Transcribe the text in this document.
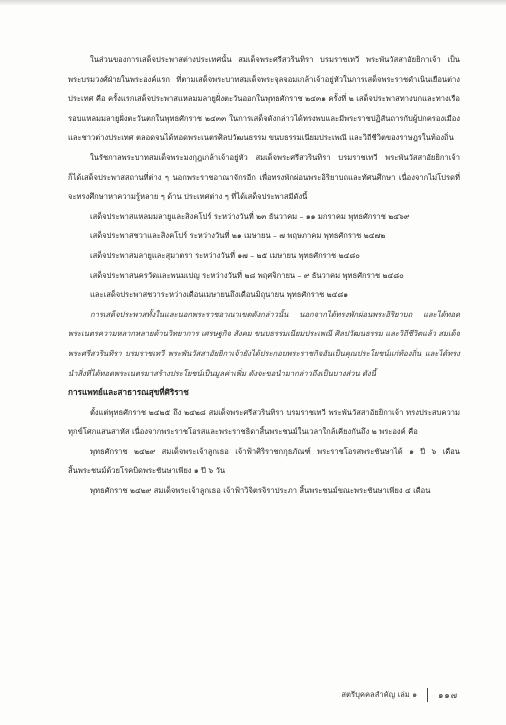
ในส่วนของการเสด็จประพาสต่างประเทศนั้น สมเด็จพระศรีสวรินทิรา บรมราชเทวี พระพันวัสสาอัยยิกาเจ้า เป็นพระบรมวงศ์ฝ่ายในพระองค์แรก ที่ตามเสด็จพระบาทสมเด็จพระจุลจอมเกล้าเจ้าอยู่หัวในการเสด็จพระราชดำเนินเยือนต่างประเทศ คือ ครั้งแรกเสด็จประพาสแหลมมลายูฝั่งตะวันออกในพุทธศักราช ๒๔๓๑ ครั้งที่ ๒ เสด็จประพาสทางบกและทางเรือรอบแหลมมลายูฝั่งตะวันตกในพุทธศักราช ๒๔๓๓ ในการเสด็จดังกล่าวได้ทรงพบและมีพระราชปฏิสันถารกับผู้ปกครองเมืองและชาวต่างประเทศ ตลอดจนได้ทอดพระเนตรศิลปวัฒนธรรม ขนบธรรมเนียมประเพณี และวิถีชีวิตของราษฎรในท้องถิ่น

ในรัชกาลพระบาทสมเด็จพระมงกุฎเกล้าเจ้าอยู่หัว สมเด็จพระศรีสวรินทิรา บรมราชเทวี พระพันวัสสาอัยยิกาเจ้า ก็ได้เสด็จประพาสสถานที่ต่าง ๆ นอกพระราชอาณาจักรอีก เพื่อทรงพักผ่อนพระอิริยาบถและทัศนศึกษา เนื่องจากไม่โปรดที่จะทรงศึกษาหาความรู้หลาย ๆ ด้าน ประเทศต่าง ๆ ที่ได้เสด็จประพาสมีดังนี้

เสด็จประพาสแหลมมลายูและสิงคโปร์ ระหว่างวันที่ ๒๓ ธันวาคม – ๑๑ มกราคม พุทธศักราช ๒๔๖๙

เสด็จประพาสชวาและสิงคโปร์ ระหว่างวันที่ ๒๑ เมษายน – ๗ พฤษภาคม พุทธศักราช ๒๔๗๒

เสด็จประพาสมลายูและสุมาตรา ระหว่างวันที่ ๑๗ – ๒๕ เมษายน พุทธศักราช ๒๔๘๐

เสด็จประพาสนครวัดและพนมเปญ ระหว่างวันที่ ๒๘ พฤศจิกายน – ๙ ธันวาคม พุทธศักราช ๒๔๘๐

และเสด็จประพาสชวาระหว่างเดือนเมษายนถึงเดือนมิถุนายน พุทธศักราช ๒๔๘๑

การเสด็จประพาสทั้งในและนอกพระราชอาณาเขตดังกล่าวนั้น นอกจากได้ทรงพักผ่อนพระอิริยาบถ และได้ทอดพระเนตรความหลากหลายด้านวิทยาการ เศรษฐกิจ สังคม ขนบธรรมเนียมประเพณี ศิลปวัฒนธรรม และวิถีชีวิตแล้ว สมเด็จพระศรีสวรินทิรา บรมราชเทวี พระพันวัสสาอัยยิกาเจ้ายังได้ประกอบพระราชกิจอันเป็นคุณประโยชน์แก่ท้องถิ่น และได้ทรงนำสิ่งที่ได้ทอดพระเนตรมาสร้างประโยชน์เป็นมูลค่าเพิ่ม ดังจะขอนำมากล่าวถึงเป็นบางส่วน ดังนี้

การแพทย์และสาธารณสุขที่ศิริราช

ตั้งแต่พุทธศักราช ๒๔๒๕ ถึง ๒๔๒๘ สมเด็จพระศรีสวรินทิรา บรมราชเทวี พระพันวัสสาอัยยิกาเจ้า ทรงประสบความทุกข์โศกแสนสาหัส เนื่องจากพระราชโอรสและพระราชธิดาสิ้นพระชนม์ในเวลาใกล้เคียงกันถึง ๒ พระองค์ คือ

พุทธศักราช ๒๔๒๙ สมเด็จพระเจ้าลูกเธอ เจ้าฟ้าศิริราชกกุธภัณฑ์ พระราชโอรสพระชันษาได้ ๑ ปี ๖ เดือน สิ้นพระชนม์ด้วยโรคบิดพระชันษาเพียง ๑ ปี ๖ วัน

พุทธศักราช ๒๔๒๙ สมเด็จพระเจ้าลูกเธอ เจ้าฟ้าวิจิตรจิราประภา สิ้นพระชนม์ขณะพระชันษาเพียง ๔ เดือน

สตรีบุคคลสำคัญ เล่ม ๑	๑๑๗
